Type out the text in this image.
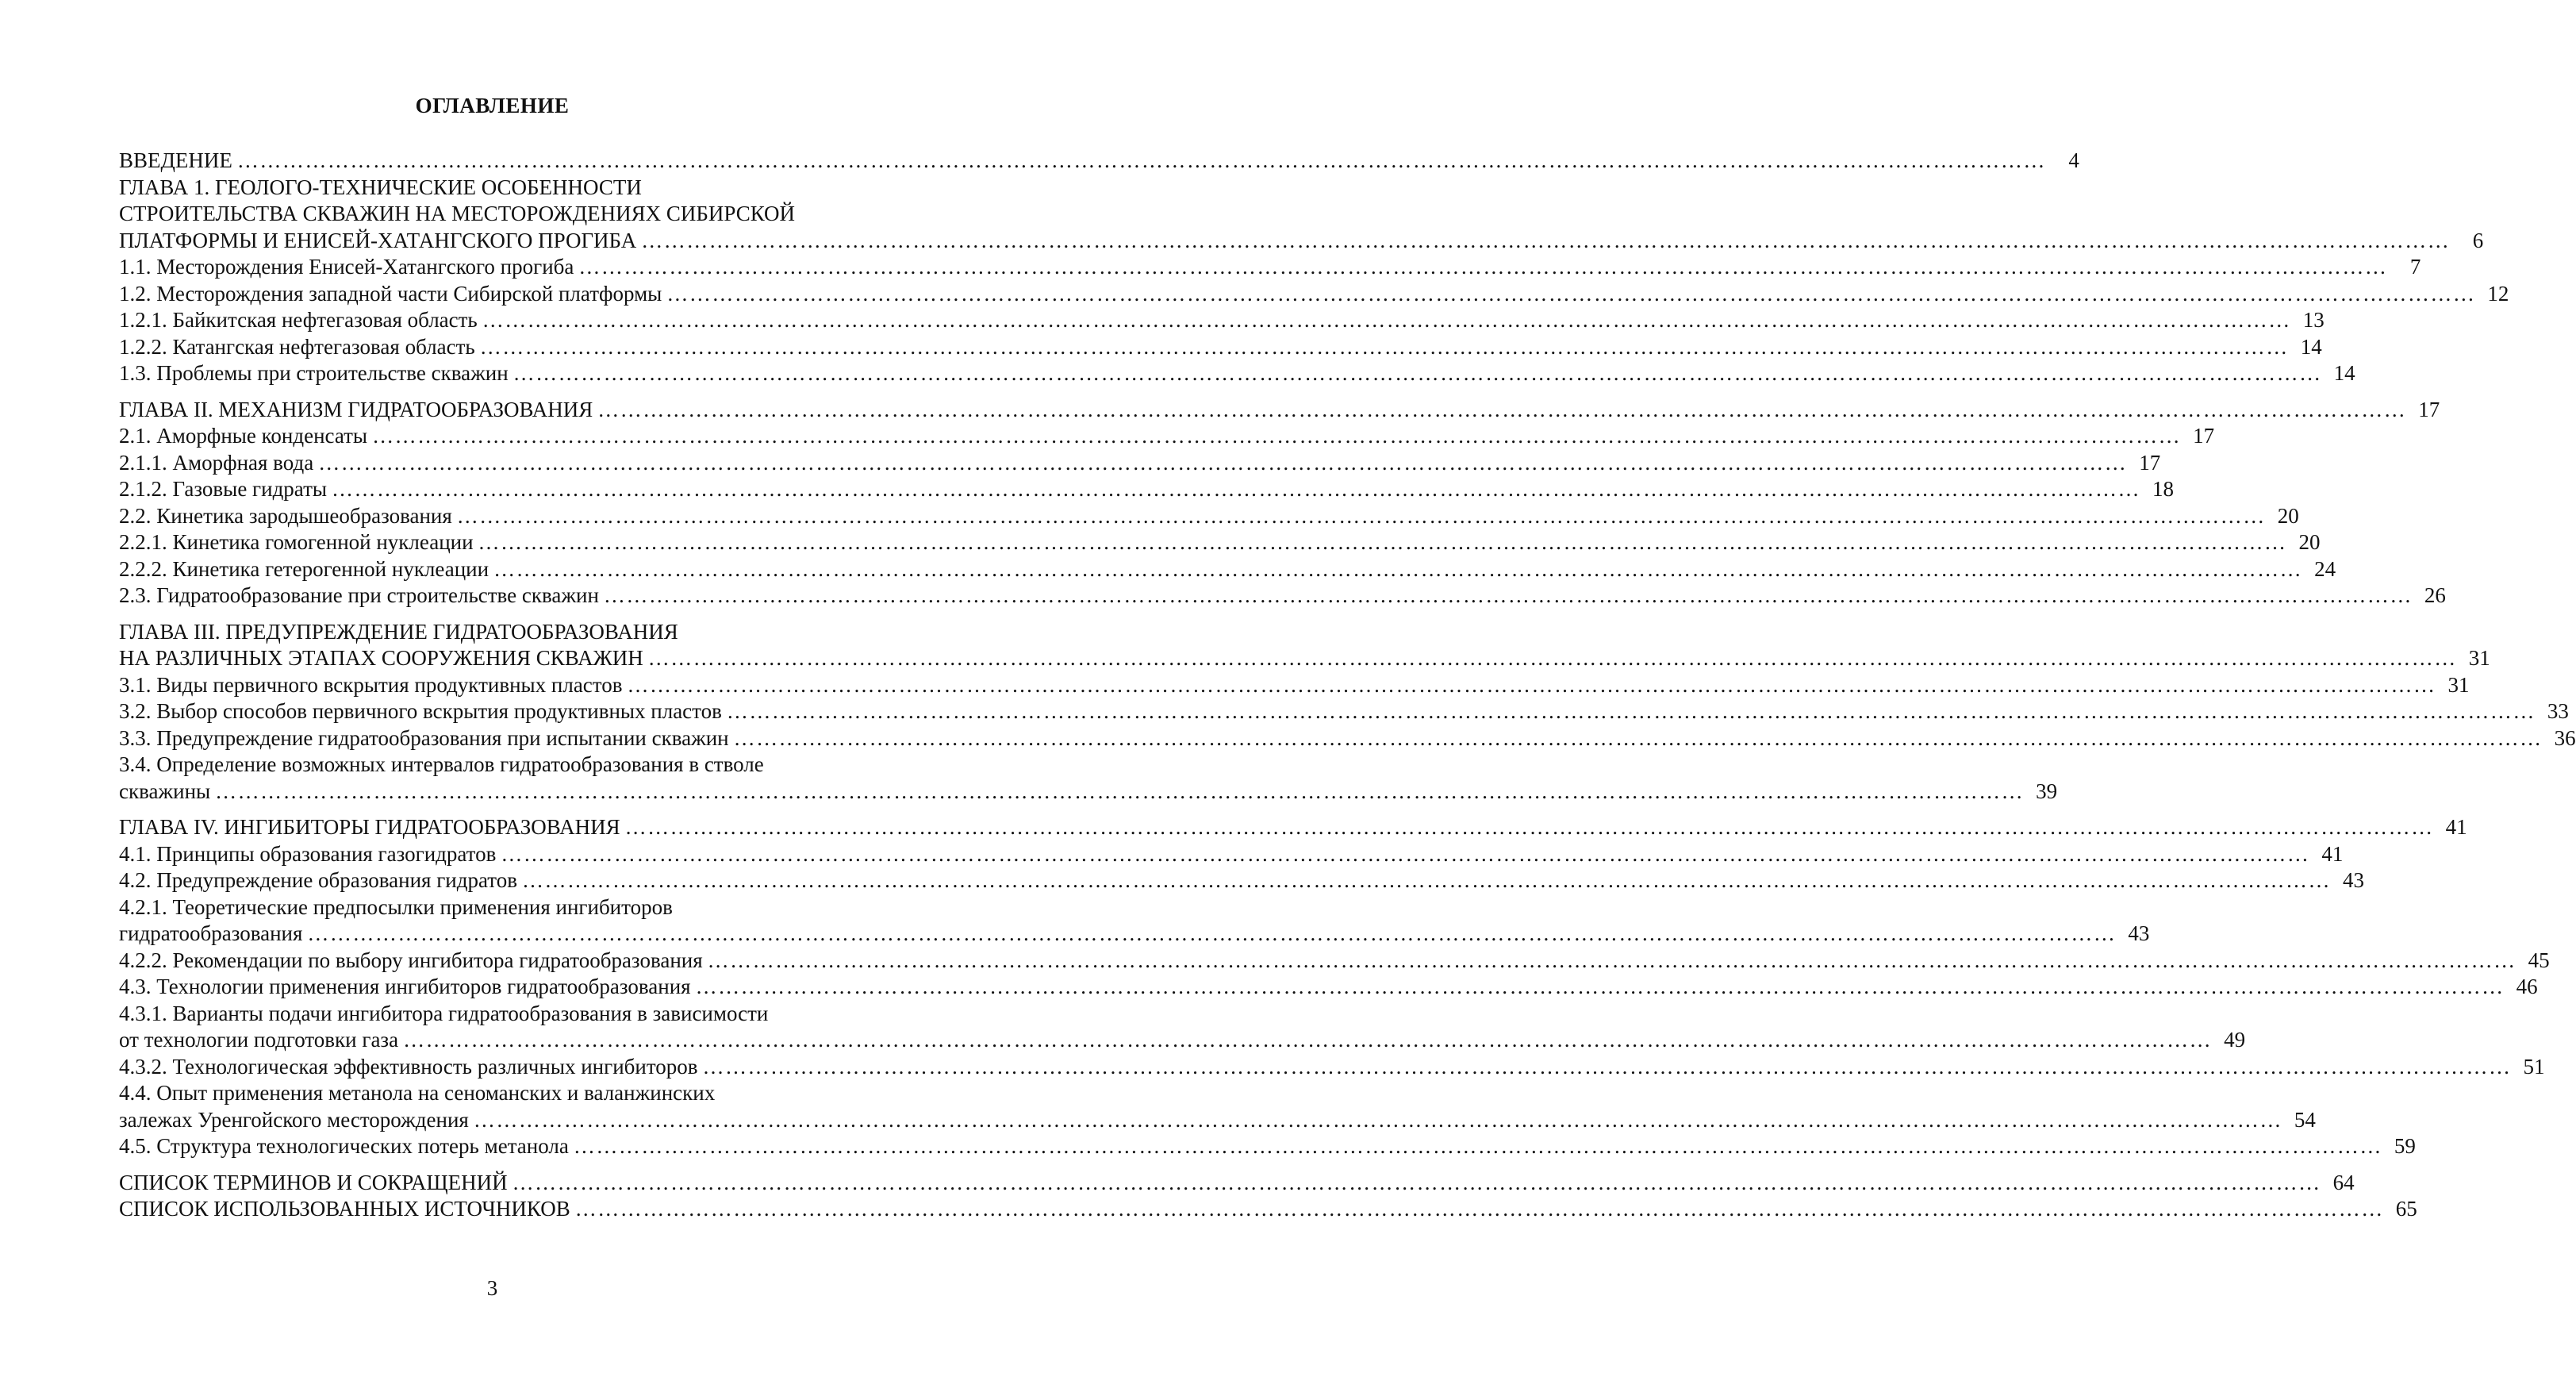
ОГЛАВЛЕНИЕ
ВВЕДЕНИЕ ……………………………………………………………………………………………………………………………………………………………………………………………………………………	4
ГЛАВА 1. ГЕОЛОГО-ТЕХНИЧЕСКИЕ ОСОБЕННОСТИ
СТРОИТЕЛЬСТВА СКВАЖИН НА МЕСТОРОЖДЕНИЯХ СИБИРСКОЙ
ПЛАТФОРМЫ И ЕНИСЕЙ-ХАТАНГСКОГО ПРОГИБА ……………………………………………………………………………………………………………………………………………………………………………………………………………………	6
1.1. Месторождения Енисей-Хатангского прогиба ……………………………………………………………………………………………………………………………………………………………………………………………………………………	7
1.2. Месторождения западной части Сибирской платформы …………………………………………………………………………………………………………………………………………………………………………………………………………………… 12
1.2.1. Байкитская нефтегазовая область …………………………………………………………………………………………………………………………………………………………………………………………………………………… 13
1.2.2. Катангская нефтегазовая область …………………………………………………………………………………………………………………………………………………………………………………………………………………… 14
1.3. Проблемы при строительстве скважин …………………………………………………………………………………………………………………………………………………………………………………………………………………… 14
ГЛАВА II. МЕХАНИЗМ ГИДРАТООБРАЗОВАНИЯ …………………………………………………………………………………………………………………………………………………………………………………………………………………… 17
2.1. Аморфные конденсаты …………………………………………………………………………………………………………………………………………………………………………………………………………………… 17
2.1.1. Аморфная вода …………………………………………………………………………………………………………………………………………………………………………………………………………………… 17
2.1.2. Газовые гидраты …………………………………………………………………………………………………………………………………………………………………………………………………………………… 18
2.2. Кинетика зародышеобразования …………………………………………………………………………………………………………………………………………………………………………………………………………………… 20
2.2.1. Кинетика гомогенной нуклеации …………………………………………………………………………………………………………………………………………………………………………………………………………………… 20
2.2.2. Кинетика гетерогенной нуклеации …………………………………………………………………………………………………………………………………………………………………………………………………………………… 24
2.3. Гидратообразование при строительстве скважин …………………………………………………………………………………………………………………………………………………………………………………………………………………… 26
ГЛАВА III. ПРЕДУПРЕЖДЕНИЕ ГИДРАТООБРАЗОВАНИЯ
НА РАЗЛИЧНЫХ ЭТАПАХ СООРУЖЕНИЯ СКВАЖИН …………………………………………………………………………………………………………………………………………………………………………………………………………………… 31
3.1. Виды первичного вскрытия продуктивных пластов …………………………………………………………………………………………………………………………………………………………………………………………………………………… 31
3.2. Выбор способов первичного вскрытия продуктивных пластов …………………………………………………………………………………………………………………………………………………………………………………………………………………… 33
3.3. Предупреждение гидратообразования при испытании скважин …………………………………………………………………………………………………………………………………………………………………………………………………………………… 36
3.4. Определение возможных интервалов гидратообразования в стволе
скважины …………………………………………………………………………………………………………………………………………………………………………………………………………………… 39
ГЛАВА IV. ИНГИБИТОРЫ ГИДРАТООБРАЗОВАНИЯ …………………………………………………………………………………………………………………………………………………………………………………………………………………… 41
4.1. Принципы образования газогидратов …………………………………………………………………………………………………………………………………………………………………………………………………………………… 41
4.2. Предупреждение образования гидратов …………………………………………………………………………………………………………………………………………………………………………………………………………………… 43
4.2.1. Теоретические предпосылки применения ингибиторов
гидратообразования …………………………………………………………………………………………………………………………………………………………………………………………………………………… 43
4.2.2. Рекомендации по выбору ингибитора гидратообразования …………………………………………………………………………………………………………………………………………………………………………………………………………………… 45
4.3. Технологии применения ингибиторов гидратообразования …………………………………………………………………………………………………………………………………………………………………………………………………………………… 46
4.3.1. Варианты подачи ингибитора гидратообразования в зависимости
от технологии подготовки газа …………………………………………………………………………………………………………………………………………………………………………………………………………………… 49
4.3.2. Технологическая эффективность различных ингибиторов …………………………………………………………………………………………………………………………………………………………………………………………………………………… 51
4.4. Опыт применения метанола на сеноманских и валанжинских
залежах Уренгойского месторождения …………………………………………………………………………………………………………………………………………………………………………………………………………………… 54
4.5. Структура технологических потерь метанола …………………………………………………………………………………………………………………………………………………………………………………………………………………… 59
СПИСОК ТЕРМИНОВ И СОКРАЩЕНИЙ …………………………………………………………………………………………………………………………………………………………………………………………………………………… 64
СПИСОК ИСПОЛЬЗОВАННЫХ ИСТОЧНИКОВ …………………………………………………………………………………………………………………………………………………………………………………………………………………… 65
3
